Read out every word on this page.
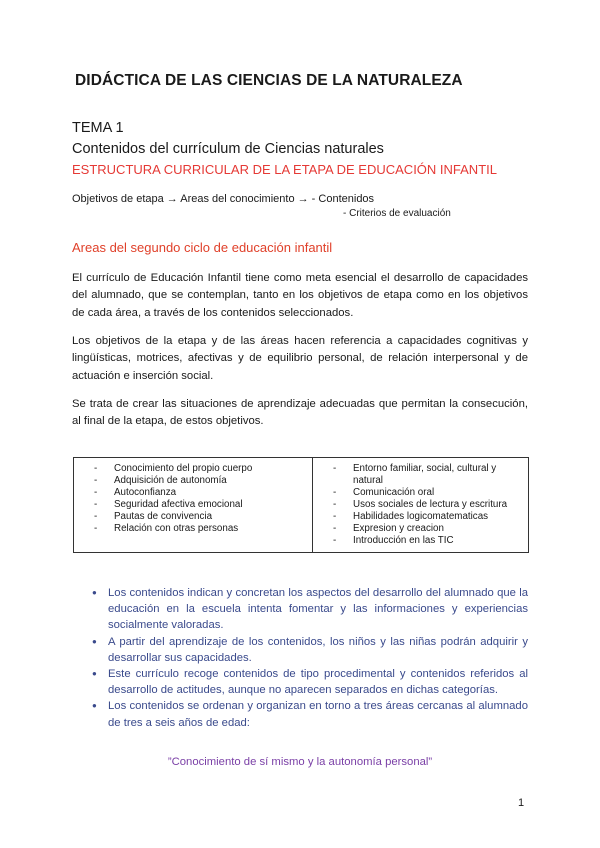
DIDÁCTICA DE LAS CIENCIAS DE LA NATURALEZA
TEMA 1
Contenidos del currículum de Ciencias naturales
ESTRUCTURA CURRICULAR DE LA ETAPA DE EDUCACIÓN INFANTIL
Objetivos de etapa → Areas del conocimiento → - Contenidos
- Criterios de evaluación
Areas del segundo ciclo de educación infantil
El currículo de Educación Infantil tiene como meta esencial el desarrollo de capacidades del alumnado, que se contemplan, tanto en los objetivos de etapa como en los objetivos de cada área, a través de los contenidos seleccionados.
Los objetivos de la etapa y de las áreas hacen referencia a capacidades cognitivas y lingüísticas, motrices, afectivas y de equilibrio personal, de relación interpersonal y de actuación e inserción social.
Se trata de crear las situaciones de aprendizaje adecuadas que permitan la consecución, al final de la etapa, de estos objetivos.
- Conocimiento del propio cuerpo
- Adquisición de autonomía
- Autoconfianza
- Seguridad afectiva emocional
- Pautas de convivencia
- Relación con otras personas

- Entorno familiar, social, cultural y natural
- Comunicación oral
- Usos sociales de lectura y escritura
- Habilidades logicomatematicas
- Expresion y creacion
- Introducción en las TIC
● Los contenidos indican y concretan los aspectos del desarrollo del alumnado que la educación en la escuela intenta fomentar y las informaciones y experiencias socialmente valoradas.
● A partir del aprendizaje de los contenidos, los niños y las niñas podrán adquirir y desarrollar sus capacidades.
● Este currículo recoge contenidos de tipo procedimental y contenidos referidos al desarrollo de actitudes, aunque no aparecen separados en dichas categorías.
● Los contenidos se ordenan y organizan en torno a tres áreas cercanas al alumnado de tres a seis años de edad:
”Conocimiento de sí mismo y la autonomía personal”
1
